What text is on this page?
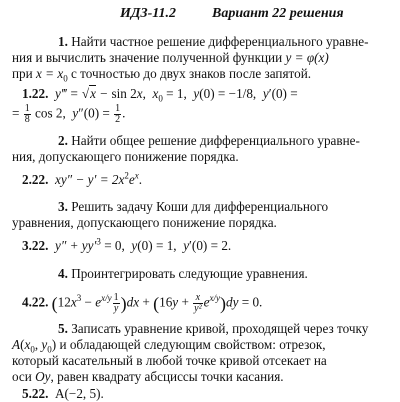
ИДЗ-11.2	Вариант 22 решения
1. Найти частное решение дифференциального уравне-
ния и вычислить значение полученной функции y = φ(x)
при $x = x_0$ с точностью до двух знаков после запятой.
1.22.  y‴ = √x − sin 2x,  $x_0 = 1$,  y(0) = −1/8,  y′(0) =
= $\frac{1}{8}$ cos 2,  $y''(0) = \frac{1}{2}$ .
2. Найти общее решение дифференциального уравне-
ния, допускающего понижение порядка.
2.22.  $xy'' - y' = 2x^2e^x$.
3. Решить задачу Коши для дифференциального
уравнения, допускающего понижение порядка.
3.22.  $y'' + yy'^3 = 0$,  y(0) = 1,  y′(0) = 2.
4. Проинтегрировать следующие уравнения.
4.22. $(12x^3 - e^{x/y} \frac{1}{y} )dx + (16y + \frac{x}{\text{y²}} e^{x/y})dy = 0$.
5. Записать уравнение кривой, проходящей через точку
$A(x_0$, $y_0$) и обладающей следующим свойством: отрезок,
который касательный в любой точке кривой отсекает на
оси Oy, равен квадрату абсциссы точки касания.
5.22. A(−2, 5).
